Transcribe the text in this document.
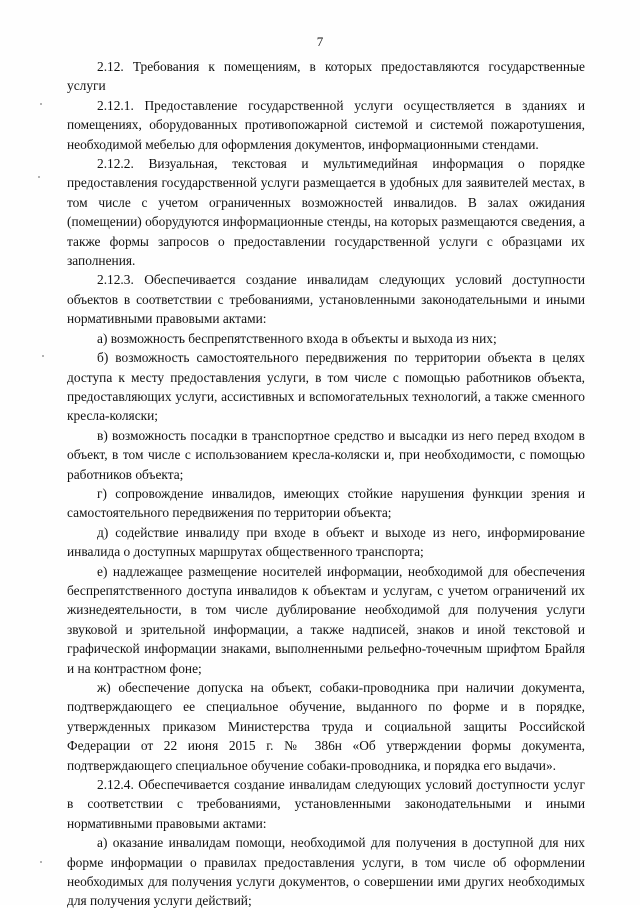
7

2.12. Требования к помещениям, в которых предоставляются государственные услуги

2.12.1. Предоставление государственной услуги осуществляется в зданиях и помещениях, оборудованных противопожарной системой и системой пожаротушения, необходимой мебелью для оформления документов, информационными стендами.

2.12.2. Визуальная, текстовая и мультимедийная информация о порядке предоставления государственной услуги размещается в удобных для заявителей местах, в том числе с учетом ограниченных возможностей инвалидов. В залах ожидания (помещении) оборудуются информационные стенды, на которых размещаются сведения, а также формы запросов о предоставлении государственной услуги с образцами их заполнения.

2.12.3. Обеспечивается создание инвалидам следующих условий доступности объектов в соответствии с требованиями, установленными законодательными и иными нормативными правовыми актами:

а) возможность беспрепятственного входа в объекты и выхода из них;

б) возможность самостоятельного передвижения по территории объекта в целях доступа к месту предоставления услуги, в том числе с помощью работников объекта, предоставляющих услуги, ассистивных и вспомогательных технологий, а также сменного кресла-коляски;

в) возможность посадки в транспортное средство и высадки из него перед входом в объект, в том числе с использованием кресла-коляски и, при необходимости, с помощью работников объекта;

г) сопровождение инвалидов, имеющих стойкие нарушения функции зрения и самостоятельного передвижения по территории объекта;

д) содействие инвалиду при входе в объект и выходе из него, информирование инвалида о доступных маршрутах общественного транспорта;

е) надлежащее размещение носителей информации, необходимой для обеспечения беспрепятственного доступа инвалидов к объектам и услугам, с учетом ограничений их жизнедеятельности, в том числе дублирование необходимой для получения услуги звуковой и зрительной информации, а также надписей, знаков и иной текстовой и графической информации знаками, выполненными рельефно-точечным шрифтом Брайля и на контрастном фоне;

ж) обеспечение допуска на объект, собаки-проводника при наличии документа, подтверждающего ее специальное обучение, выданного по форме и в порядке, утвержденных приказом Министерства труда и социальной защиты Российской Федерации от 22 июня 2015 г. № 386н «Об утверждении формы документа, подтверждающего специальное обучение собаки-проводника, и порядка его выдачи».

2.12.4. Обеспечивается создание инвалидам следующих условий доступности услуг в соответствии с требованиями, установленными законодательными и иными нормативными правовыми актами:

а) оказание инвалидам помощи, необходимой для получения в доступной для них форме информации о правилах предоставления услуги, в том числе об оформлении необходимых для получения услуги документов, о совершении ими других необходимых для получения услуги действий;
